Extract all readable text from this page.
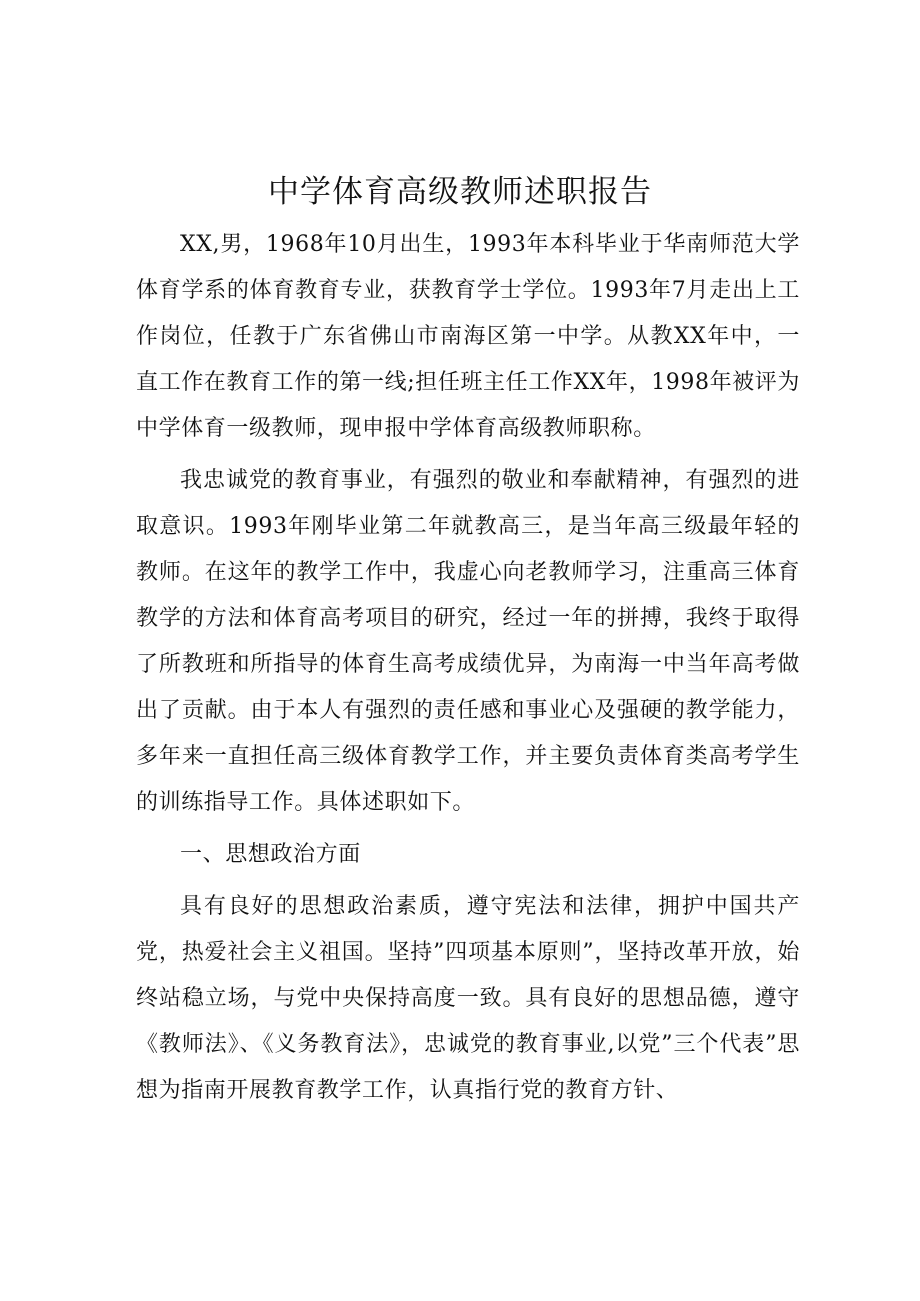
中学体育高级教师述职报告

XX,男，1968年10月出生，1993年本科毕业于华南师范大学体育学系的体育教育专业，获教育学士学位。1993年7月走出上工作岗位，任教于广东省佛山市南海区第一中学。从教XX年中，一直工作在教育工作的第一线;担任班主任工作XX年，1998年被评为中学体育一级教师，现申报中学体育高级教师职称。

我忠诚党的教育事业，有强烈的敬业和奉献精神，有强烈的进取意识。1993年刚毕业第二年就教高三，是当年高三级最年轻的教师。在这年的教学工作中，我虚心向老教师学习，注重高三体育教学的方法和体育高考项目的研究，经过一年的拼搏，我终于取得了所教班和所指导的体育生高考成绩优异，为南海一中当年高考做出了贡献。由于本人有强烈的责任感和事业心及强硬的教学能力，多年来一直担任高三级体育教学工作，并主要负责体育类高考学生的训练指导工作。具体述职如下。

一、思想政治方面

具有良好的思想政治素质，遵守宪法和法律，拥护中国共产党，热爱社会主义祖国。坚持”四项基本原则”，坚持改革开放，始终站稳立场，与党中央保持高度一致。具有良好的思想品德，遵守《教师法》、《义务教育法》，忠诚党的教育事业,以党”三个代表”思想为指南开展教育教学工作，认真指行党的教育方针、
